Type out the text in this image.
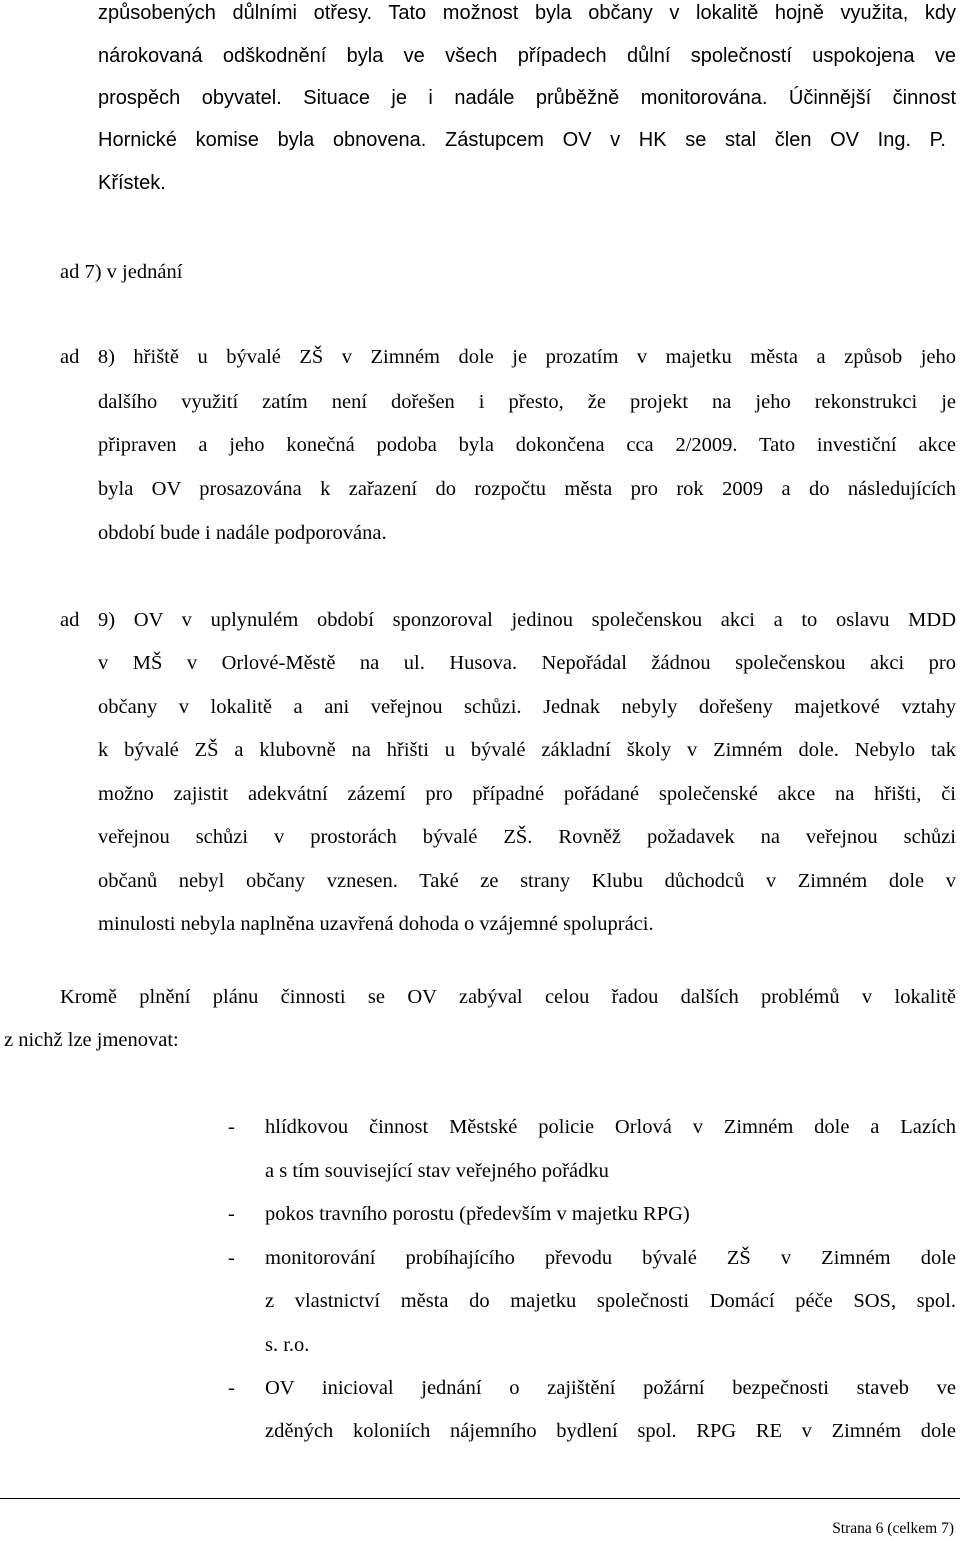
způsobených důlními otřesy. Tato možnost byla občany v lokalitě hojně využita, kdy
nárokovaná odškodnění byla ve všech případech důlní společností uspokojena ve
prospěch obyvatel. Situace je i nadále průběžně monitorována. Účinnější činnost
Hornické komise byla obnovena. Zástupcem OV v HK se stal člen OV Ing. P.
Křístek.
ad 7) v jednání
ad 8) hřiště u bývalé ZŠ v Zimném dole je prozatím v majetku města a způsob jeho
dalšího využití zatím není dořešen i přesto, že projekt na jeho rekonstrukci je
připraven a jeho konečná podoba byla dokončena cca 2/2009. Tato investiční akce
byla OV prosazována k zařazení do rozpočtu města pro rok 2009 a do následujících
období bude i nadále podporována.
ad 9) OV v uplynulém období sponzoroval jedinou společenskou akci a to oslavu MDD
v MŠ v Orlové-Městě na ul. Husova. Nepořádal žádnou společenskou akci pro
občany v lokalitě a ani veřejnou schůzi. Jednak nebyly dořešeny majetkové vztahy
k bývalé ZŠ a klubovně na hřišti u bývalé základní školy v Zimném dole. Nebylo tak
možno zajistit adekvátní zázemí pro případné pořádané společenské akce na hřišti, či
veřejnou schůzi v prostorách bývalé ZŠ. Rovněž požadavek na veřejnou schůzi
občanů nebyl občany vznesen. Také ze strany Klubu důchodců v Zimném dole v
minulosti nebyla naplněna uzavřená dohoda o vzájemné spolupráci.
Kromě plnění plánu činnosti se OV zabýval celou řadou dalších problémů v lokalitě
z nichž lze jmenovat:
- hlídkovou činnost Městské policie Orlová v Zimném dole a Lazích
a s tím související stav veřejného pořádku
- pokos travního porostu (především v majetku RPG)
- monitorování probíhajícího převodu bývalé ZŠ v Zimném dole
z vlastnictví města do majetku společnosti Domácí péče SOS, spol.
s. r.o.
- OV inicioval jednání o zajištění požární bezpečnosti staveb ve
zděných koloniích nájemního bydlení spol. RPG RE v Zimném dole
Strana 6 (celkem 7)
